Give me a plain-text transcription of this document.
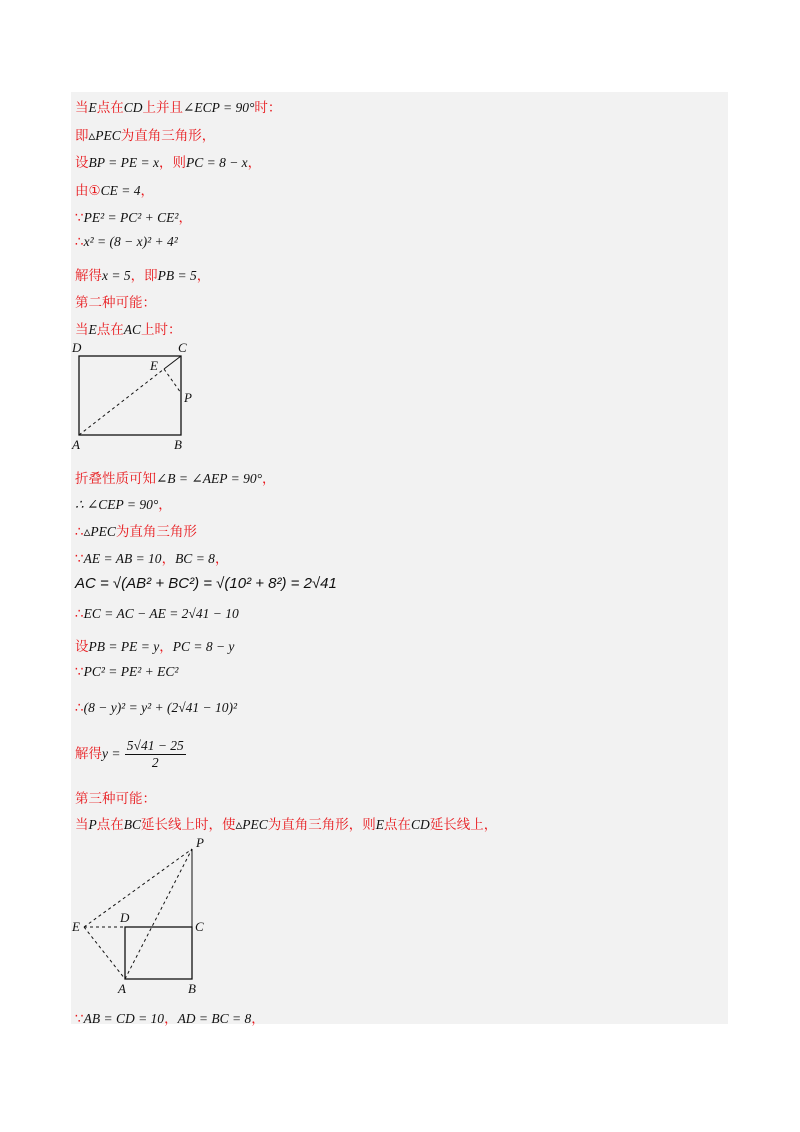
当E点在CD上并且∠ECP = 90°时：
即▵PEC为直角三角形，
设BP = PE = x，则PC = 8 − x，
由①CE = 4，
∵PE² = PC² + CE²，
∴x² = (8 − x)² + 4²
解得x = 5，即PB = 5，
第二种可能：
当E点在AC上时：
D	C
E
P
A	B
折叠性质可知∠B = ∠AEP = 90°，
∴ ∠CEP = 90°，
∴▵PEC为直角三角形
∵AE = AB = 10，BC = 8，
AC = √(AB² + BC²) = √(10² + 8²) = 2√41
∴EC = AC − AE = 2√41 − 10
设PB = PE = y，PC = 8 − y
∵PC² = PE² + EC²
∴(8 − y)² = y² + (2√41 − 10)²
解得$y = \frac{5√41 - 25}{2}$
第三种可能：
当P点在BC延长线上时，使▵PEC为直角三角形，则E点在CD延长线上，
P
E
D
C
A	B
∵AB = CD = 10，AD = BC = 8，
